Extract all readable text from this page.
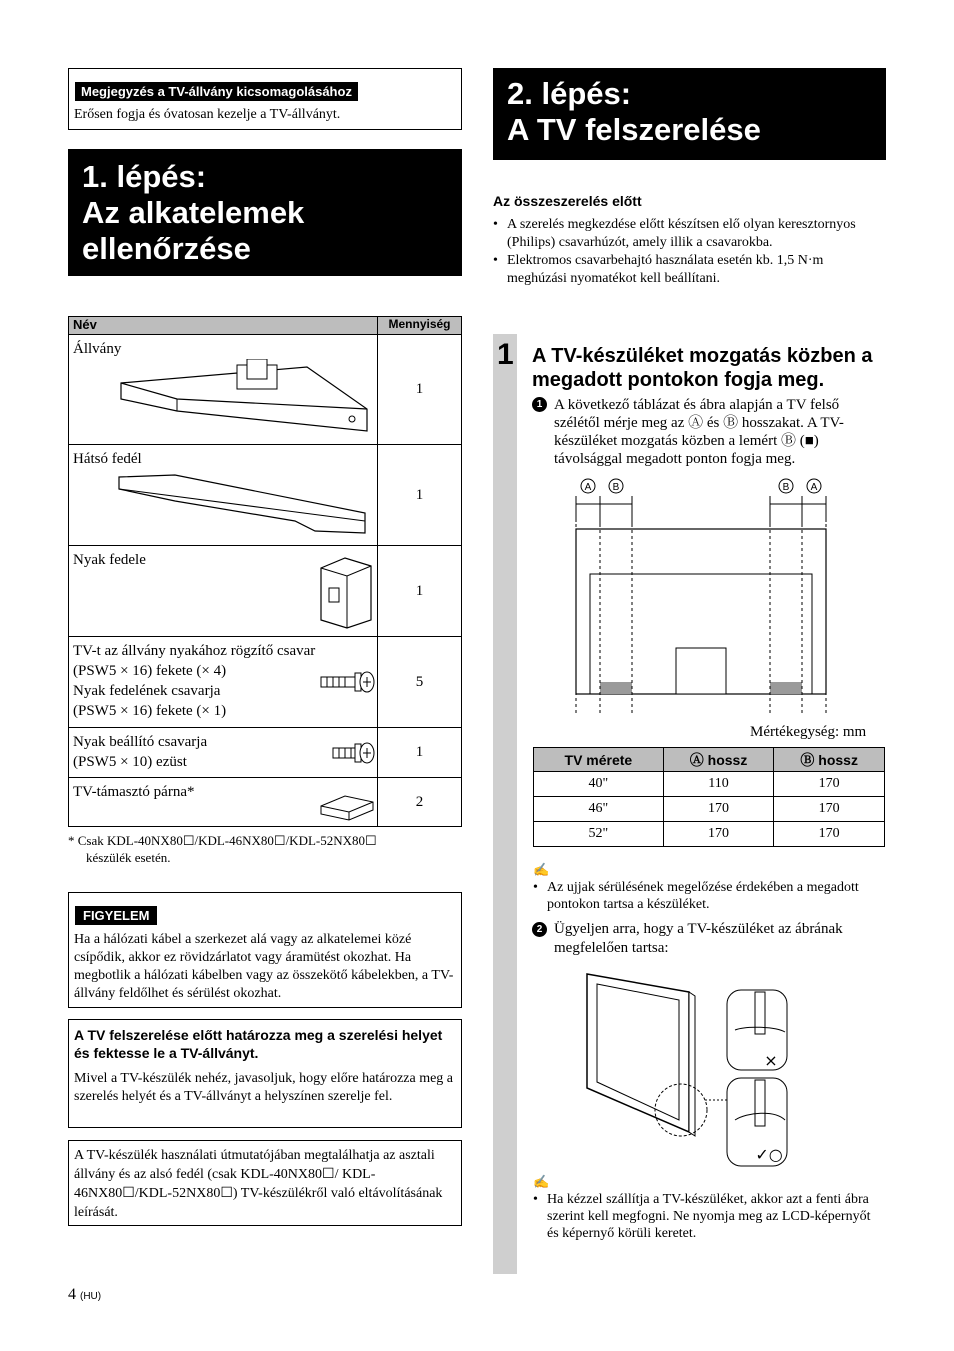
Megjegyzés a TV-állvány kicsomagolásához
Erősen fogja és óvatosan kezelje a TV-állványt.
1. lépés:
Az alkatelemek
ellenőrzése
Név	Mennyiség

Állvány	1

Hátsó fedél	1

Nyak fedele	1

TV-t az állvány nyakához rögzítő csavar
(PSW5 × 16) fekete (× 4)
Nyak fedelének csavarja
(PSW5 × 16) fekete (× 1)	5

Nyak beállító csavarja
(PSW5 × 10) ezüst	1

TV-támasztó párna*	2
* Csak KDL-40NX80☐/KDL-46NX80☐/KDL-52NX80☐
készülék esetén.
FIGYELEM
Ha a hálózati kábel a szerkezet alá vagy az alkatelemei közé csípődik, akkor ez rövidzárlatot vagy áramütést okozhat. Ha megbotlik a hálózati kábelben vagy az összekötő kábelekben, a TV-állvány feldőlhet és sérülést okozhat.
A TV felszerelése előtt határozza meg a szerelési helyet és fektesse le a TV-állványt.
Mivel a TV-készülék nehéz, javasoljuk, hogy előre határozza meg a szerelés helyét és a TV-állványt a helyszínen szerelje fel.
A TV-készülék használati útmutatójában megtalálhatja az asztali állvány és az alsó fedél (csak KDL-40NX80☐/ KDL-46NX80☐/KDL-52NX80☐) TV-készülékről való eltávolításának leírását.
4 (HU)
2. lépés:
A TV felszerelése
Az összeszerelés előtt
• A szerelés megkezdése előtt készítsen elő olyan keresztornyos (Philips) csavarhúzót, amely illik a csavarokba.
• Elektromos csavarbehajtó használata esetén kb. 1,5 N·m meghúzási nyomatékot kell beállítani.
1 A TV-készüléket mozgatás közben a megadott pontokon fogja meg.
1 A következő táblázat és ábra alapján a TV felső szélétől mérje meg az Ⓐ és Ⓑ hosszakat. A TV-készüléket mozgatás közben a lemért Ⓑ (■) távolsággal megadott ponton fogja meg.
A B	B A
Mértékegység: mm
TV mérete	Ⓐ hossz	Ⓑ hossz
40"	110	170
46"	170	170
52"	170	170
✍
• Az ujjak sérülésének megelőzése érdekében a megadott pontokon tartsa a készüléket.
2 Ügyeljen arra, hogy a TV-készüléket az ábrának megfelelően tartsa:
×
✓○
✍
• Ha kézzel szállítja a TV-készüléket, akkor azt a fenti ábra szerint kell megfogni. Ne nyomja meg az LCD-képernyőt és képernyő körüli keretet.
